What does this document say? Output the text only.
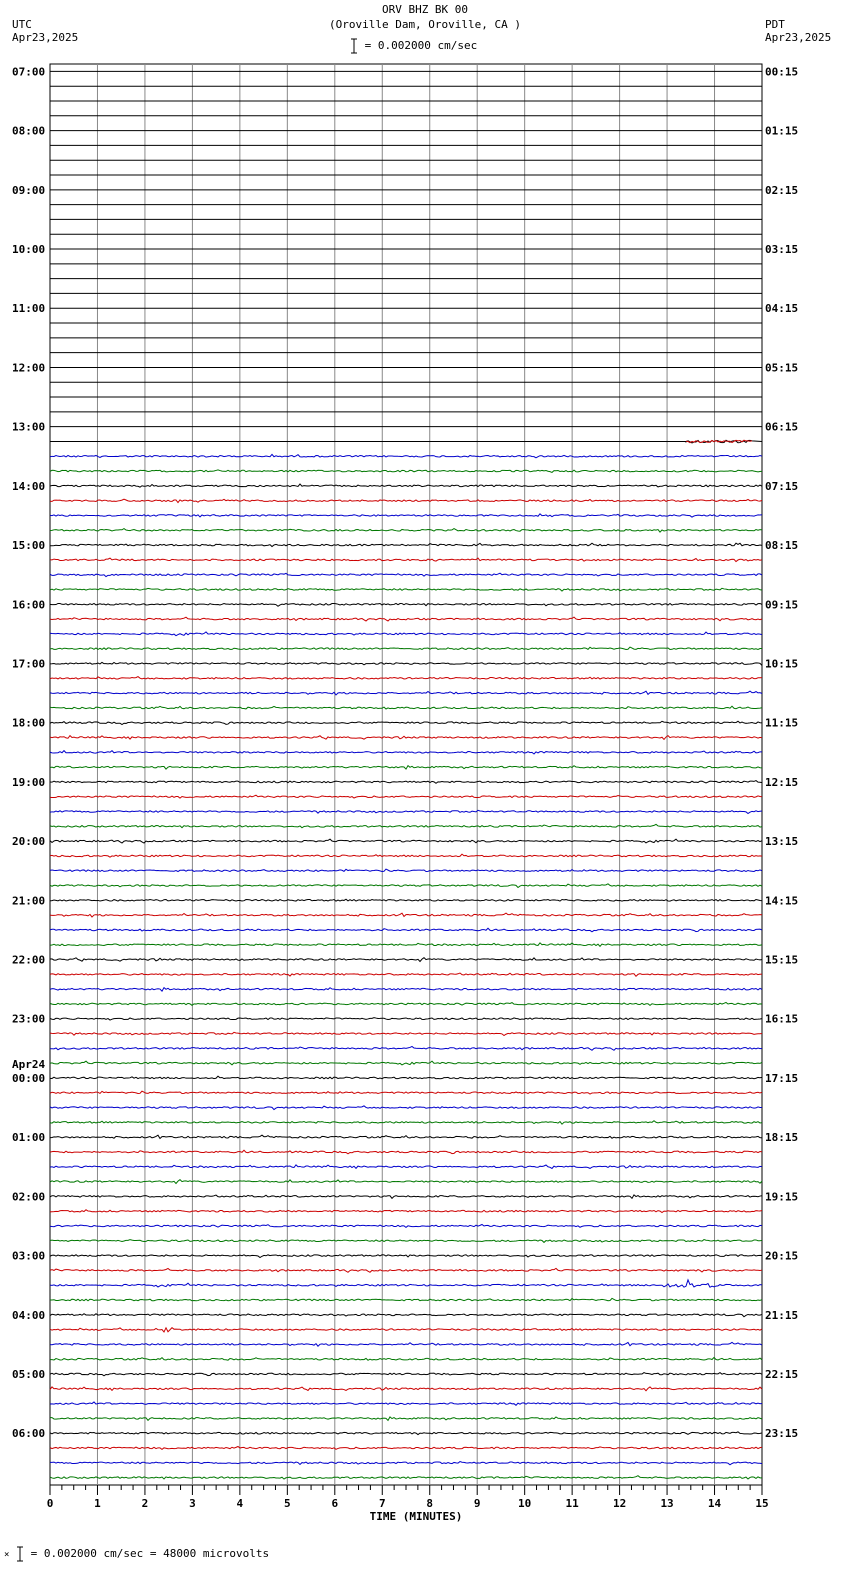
ORV BHZ BK 00
(Oroville Dam, Oroville, CA )
UTC
Apr23,2025
PDT
Apr23,2025
= 0.002000 cm/sec
07:00
08:00
09:00
10:00
11:00
12:00
13:00
14:00
15:00
16:00
17:00
18:00
19:00
20:00
21:00
22:00
23:00
Apr24
00:00
01:00
02:00
03:00
04:00
05:00
06:00
00:15
01:15
02:15
03:15
04:15
05:15
06:15
07:15
08:15
09:15
10:15
11:15
12:15
13:15
14:15
15:15
16:15
17:15
18:15
19:15
20:15
21:15
22:15
23:15
0	1	2	3	4	5	6	7	8	9	10	11	12	13	14	15
TIME (MINUTES)
× = 0.002000 cm/sec = 48000 microvolts
